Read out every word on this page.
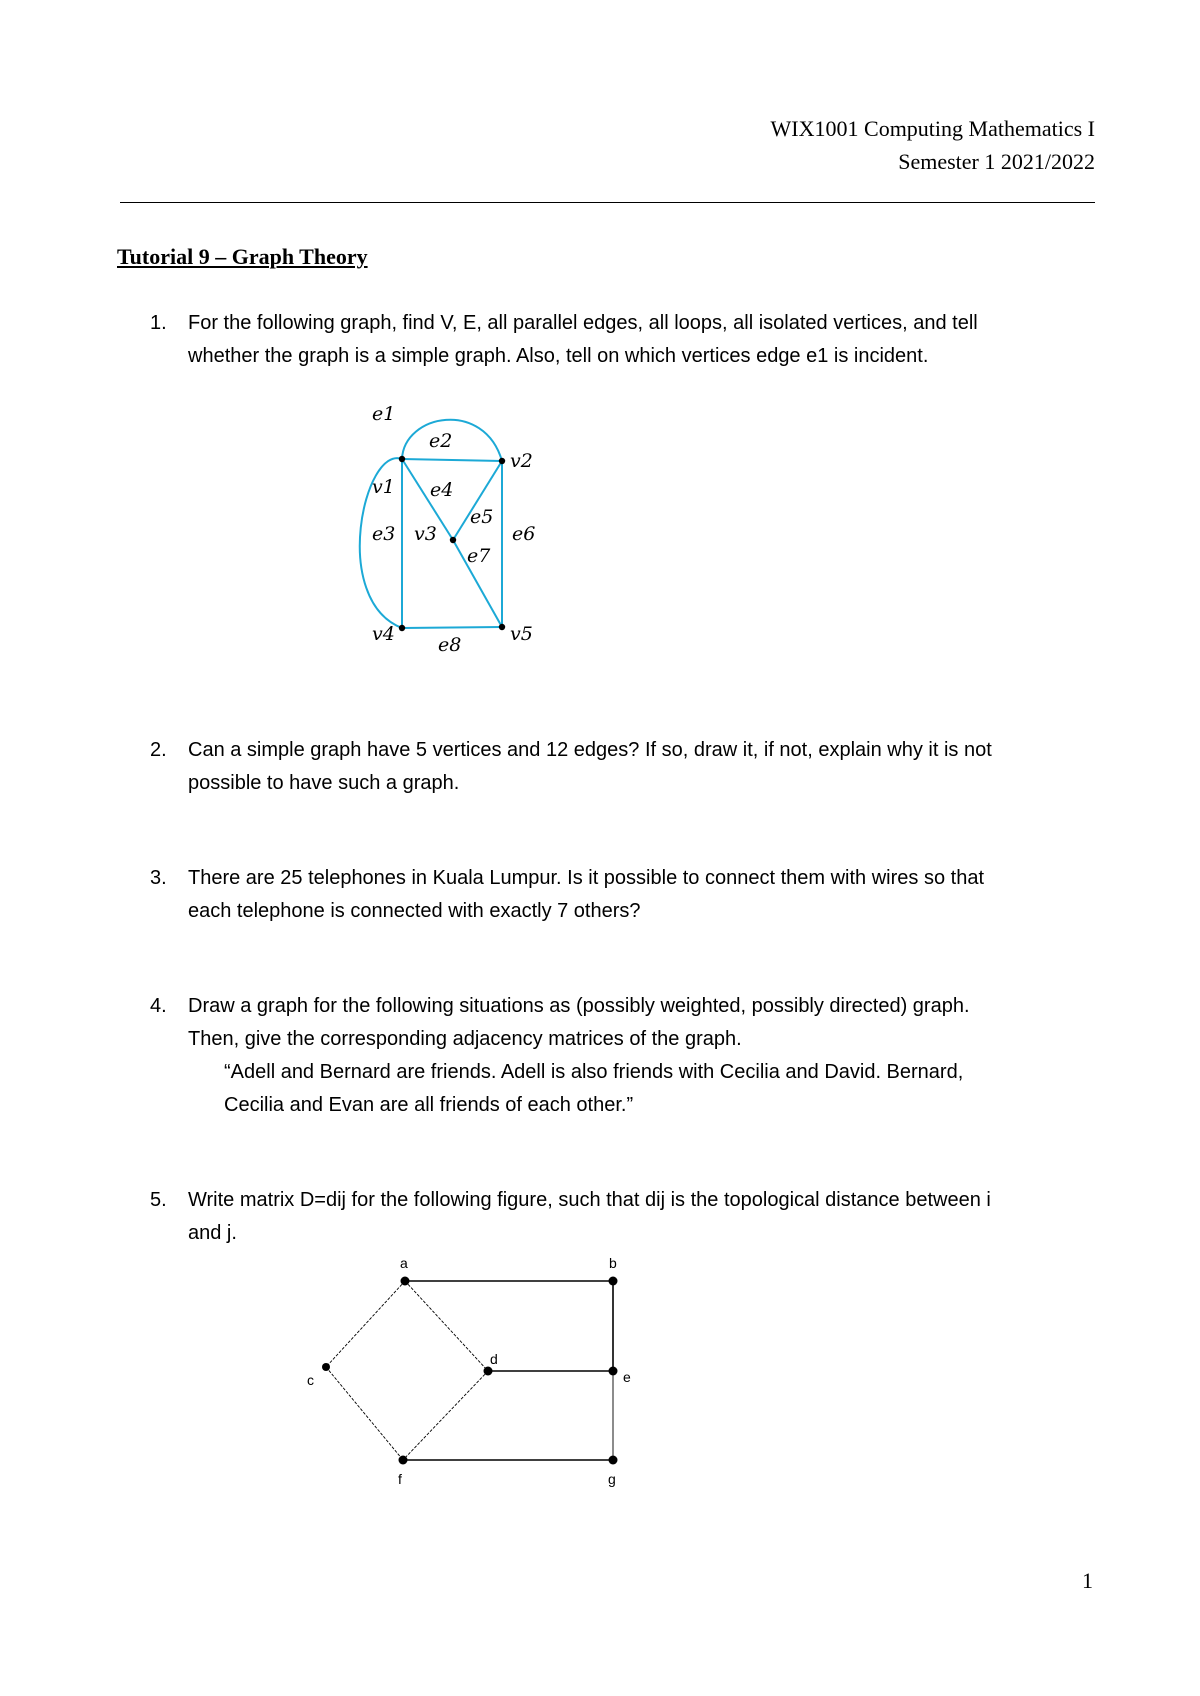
WIX1001 Computing Mathematics I
Semester 1 2021/2022
Tutorial 9 – Graph Theory
1. For the following graph, find V, E, all parallel edges, all loops, all isolated vertices, and tell
whether the graph is a simple graph. Also, tell on which vertices edge e1 is incident.
e1
e2
v2
v1 e4
e5
e3 v3	e6
e7
v4 e8	v5
2. Can a simple graph have 5 vertices and 12 edges? If so, draw it, if not, explain why it is not
possible to have such a graph.
3. There are 25 telephones in Kuala Lumpur. Is it possible to connect them with wires so that
each telephone is connected with exactly 7 others?
4. Draw a graph for the following situations as (possibly weighted, possibly directed) graph.
Then, give the corresponding adjacency matrices of the graph.
“Adell and Bernard are friends. Adell is also friends with Cecilia and David. Bernard,
Cecilia and Evan are all friends of each other.”
5. Write matrix D=dij for the following figure, such that dij is the topological distance between i
and j.
a	b
c
d
e
f	g
1
